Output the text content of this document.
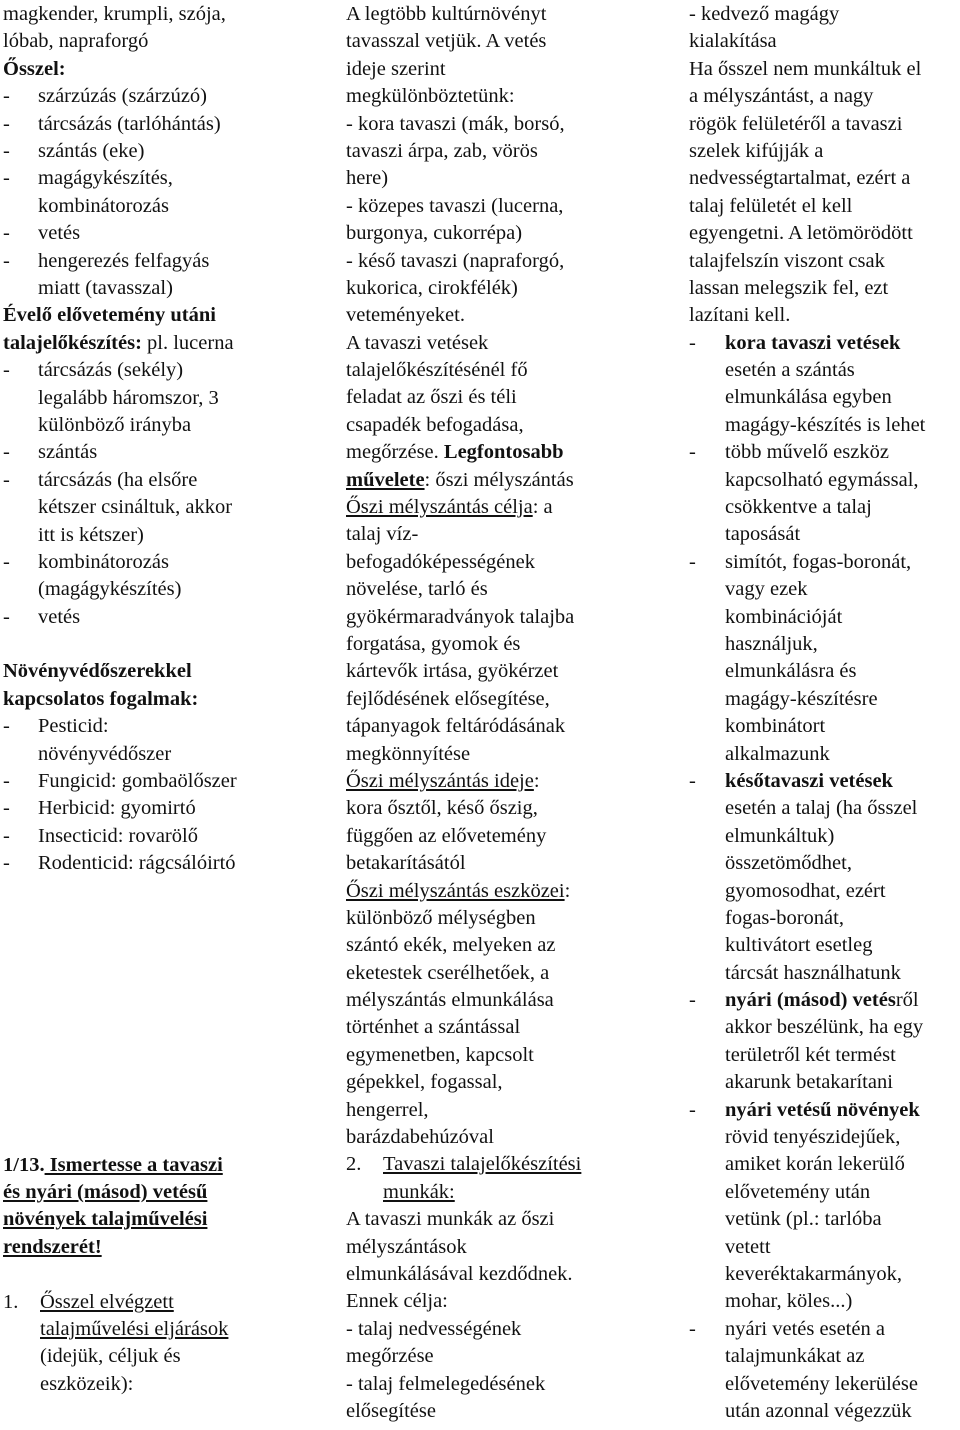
magkender, krumpli, szója,
lóbab, napraforgó
Ősszel:
-	szárzúzás (szárzúzó)
-	tárcsázás (tarlóhántás)
-	szántás (eke)
-	magágykészítés,
kombinátorozás
-	vetés
-	hengerezés felfagyás
miatt (tavasszal)
Évelő elővetemény utáni
talajelőkészítés: pl. lucerna
-	tárcsázás (sekély)
legalább háromszor, 3
különböző irányba
-	szántás
-	tárcsázás (ha elsőre
kétszer csináltuk, akkor
itt is kétszer)
-	kombinátorozás
(magágykészítés)
-	vetés
Növényvédőszerekkel
kapcsolatos fogalmak:
-	Pesticid:
növényvédőszer
-	Fungicid: gombaölőszer
-	Herbicid: gyomirtó
-	Insecticid: rovarölő
-	Rodenticid: rágcsálóirtó
1/13. Ismertesse a tavaszi
és nyári (másod) vetésű
növények talajművelési
rendszerét!
1. Ősszel elvégzett
talajművelési eljárások
(idejük, céljuk és
eszközeik):
A legtöbb kultúrnövényt
tavasszal vetjük. A vetés
ideje szerint
megkülönböztetünk:
- kora tavaszi (mák, borsó,
tavaszi árpa, zab, vörös
here)
- közepes tavaszi (lucerna,
burgonya, cukorrépa)
- késő tavaszi (napraforgó,
kukorica, cirokfélék)
veteményeket.
A tavaszi vetések
talajelőkészítésénél fő
feladat az őszi és téli
csapadék befogadása,
megőrzése. Legfontosabb
művelete: őszi mélyszántás
Őszi mélyszántás célja: a
talaj víz-
befogadóképességének
növelése, tarló és
gyökérmaradványok talajba
forgatása, gyomok és
kártevők irtása, gyökérzet
fejlődésének elősegítése,
tápanyagok feltáródásának
megkönnyítése
Őszi mélyszántás ideje:
kora ősztől, késő őszig,
függően az elővetemény
betakarításától
Őszi mélyszántás eszközei:
különböző mélységben
szántó ekék, melyeken az
eketestek cserélhetőek, a
mélyszántás elmunkálása
történhet a szántással
egymenetben, kapcsolt
gépekkel, fogassal,
hengerrel,
barázdabehúzóval
2. Tavaszi talajelőkészítési
munkák:
A tavaszi munkák az őszi
mélyszántások
elmunkálásával kezdődnek.
Ennek célja:
- talaj nedvességének
megőrzése
- talaj felmelegedésének
elősegítése
- kedvező magágy
kialakítása
Ha ősszel nem munkáltuk el
a mélyszántást, a nagy
rögök felületéről a tavaszi
szelek kifújják a
nedvességtartalmat, ezért a
talaj felületét el kell
egyengetni. A letömörödött
talajfelszín viszont csak
lassan melegszik fel, ezt
lazítani kell.
-	kora tavaszi vetések
esetén a szántás
elmunkálása egyben
magágy-készítés is lehet
-	több művelő eszköz
kapcsolható egymással,
csökkentve a talaj
taposását
-	simítót, fogas-boronát,
vagy ezek
kombinációját
használjuk,
elmunkálásra és
magágy-készítésre
kombinátort
alkalmazunk
-	későtavaszi vetések
esetén a talaj (ha ősszel
elmunkáltuk)
összetömődhet,
gyomosodhat, ezért
fogas-boronát,
kultivátort esetleg
tárcsát használhatunk
-	nyári (másod) vetésről
akkor beszélünk, ha egy
területről két termést
akarunk betakarítani
-	nyári vetésű növények
rövid tenyészidejűek,
amiket korán lekerülő
elővetemény után
vetünk (pl.: tarlóba
vetett
keveréktakarmányok,
mohar, köles...)
-	nyári vetés esetén a
talajmunkákat az
elővetemény lekerülése
után azonnal végezzük
